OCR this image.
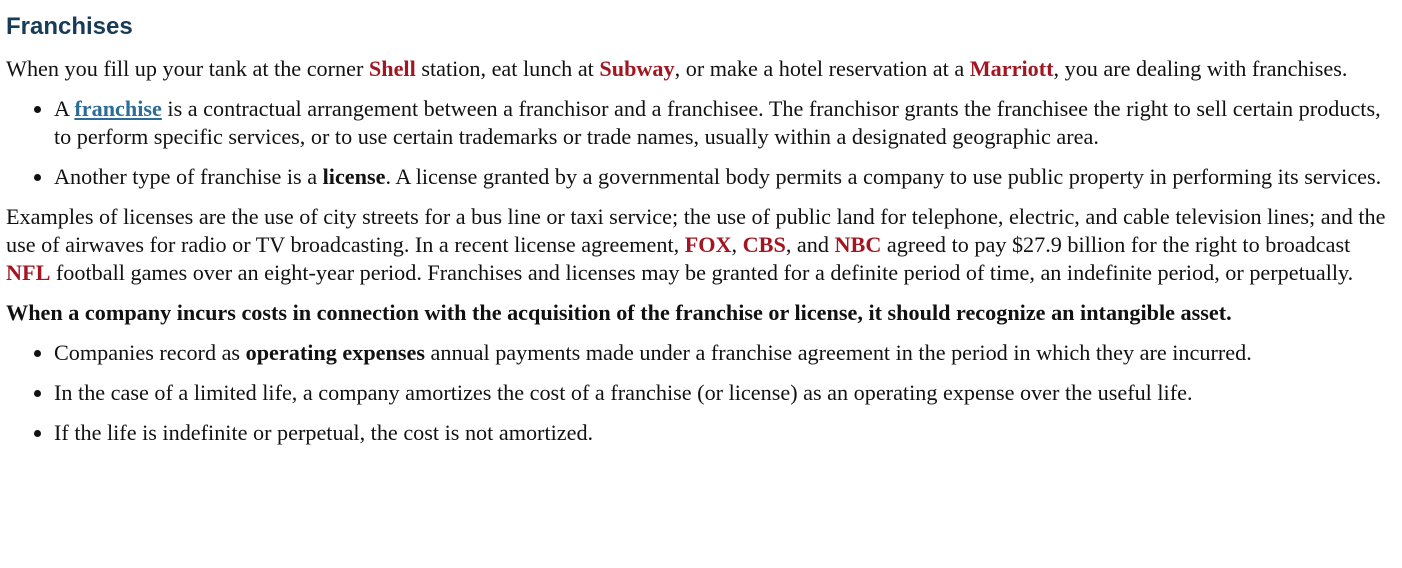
Franchises

When you fill up your tank at the corner Shell station, eat lunch at Subway, or make a hotel reservation at a Marriott, you are dealing with franchises.

• A franchise is a contractual arrangement between a franchisor and a franchisee. The franchisor grants the franchisee the right to sell certain products, to perform specific services, or to use certain trademarks or trade names, usually within a designated geographic area.
• Another type of franchise is a license. A license granted by a governmental body permits a company to use public property in performing its services.

Examples of licenses are the use of city streets for a bus line or taxi service; the use of public land for telephone, electric, and cable television lines; and the use of airwaves for radio or TV broadcasting. In a recent license agreement, FOX, CBS, and NBC agreed to pay $27.9 billion for the right to broadcast NFL football games over an eight-year period. Franchises and licenses may be granted for a definite period of time, an indefinite period, or perpetually.

When a company incurs costs in connection with the acquisition of the franchise or license, it should recognize an intangible asset.

• Companies record as operating expenses annual payments made under a franchise agreement in the period in which they are incurred.
• In the case of a limited life, a company amortizes the cost of a franchise (or license) as an operating expense over the useful life.
• If the life is indefinite or perpetual, the cost is not amortized.
